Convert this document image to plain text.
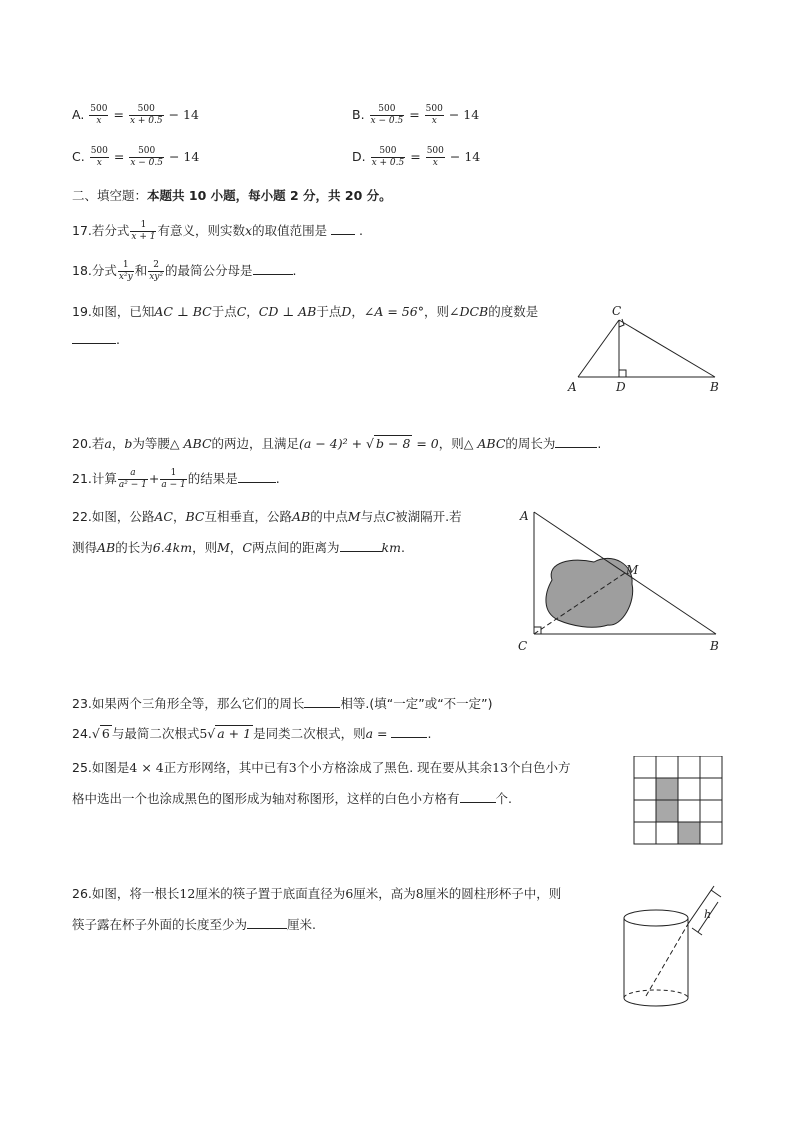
A. $\frac{500}{x} = \frac{500}{x + 0.5} - 14$	B. $\frac{500}{x - 0.5} = \frac{500}{x} - 14$
C. $\frac{500}{x} = \frac{500}{x - 0.5} - 14$	D. $\frac{500}{x + 0.5} = \frac{500}{x} - 14$
二、填空题：本题共 10 小题，每小题 2 分，共 20 分。
17.若分式 $\frac{1}{x + 1}$ 有意义，则实数x的取值范围是	.
18.分式 $\frac{1}{\text{x²y}}$ 和 $\frac{2}{\text{xy²}}$ 的最简公分母是	.
19.如图，已知AC ⊥ BC于点C，CD ⊥ AB于点D，∠A = 56°，则∠DCB的度数是
.
A	D	B
C
20.若a，b为等腰△ ABC的两边，且满足(a − 4)² + √ b − 8 = 0，则△ ABC的周长为	.
21.计算 $\frac{a}{\text{a² − 1}} + \frac{1}{a - 1}$ 的结果是	.
22.如图，公路AC，BC互相垂直，公路AB的中点M与点C被湖隔开.若
测得AB的长为6.4km，则M，C两点间的距离为	km.
A
M
C	B
23.如果两个三角形全等，那么它们的周长	相等.(填“一定”或“不一定”)
24.√ 6 与最简二次根式5√ a + 1 是同类二次根式，则a =	.
25.如图是4 × 4正方形网络，其中已有3个小方格涂成了黑色. 现在要从其余13个白色小方
格中选出一个也涂成黑色的图形成为轴对称图形，这样的白色小方格有	个.
26.如图，将一根长12厘米的筷子置于底面直径为6厘米，高为8厘米的圆柱形杯子中，则
筷子露在杯子外面的长度至少为	厘米.
h
